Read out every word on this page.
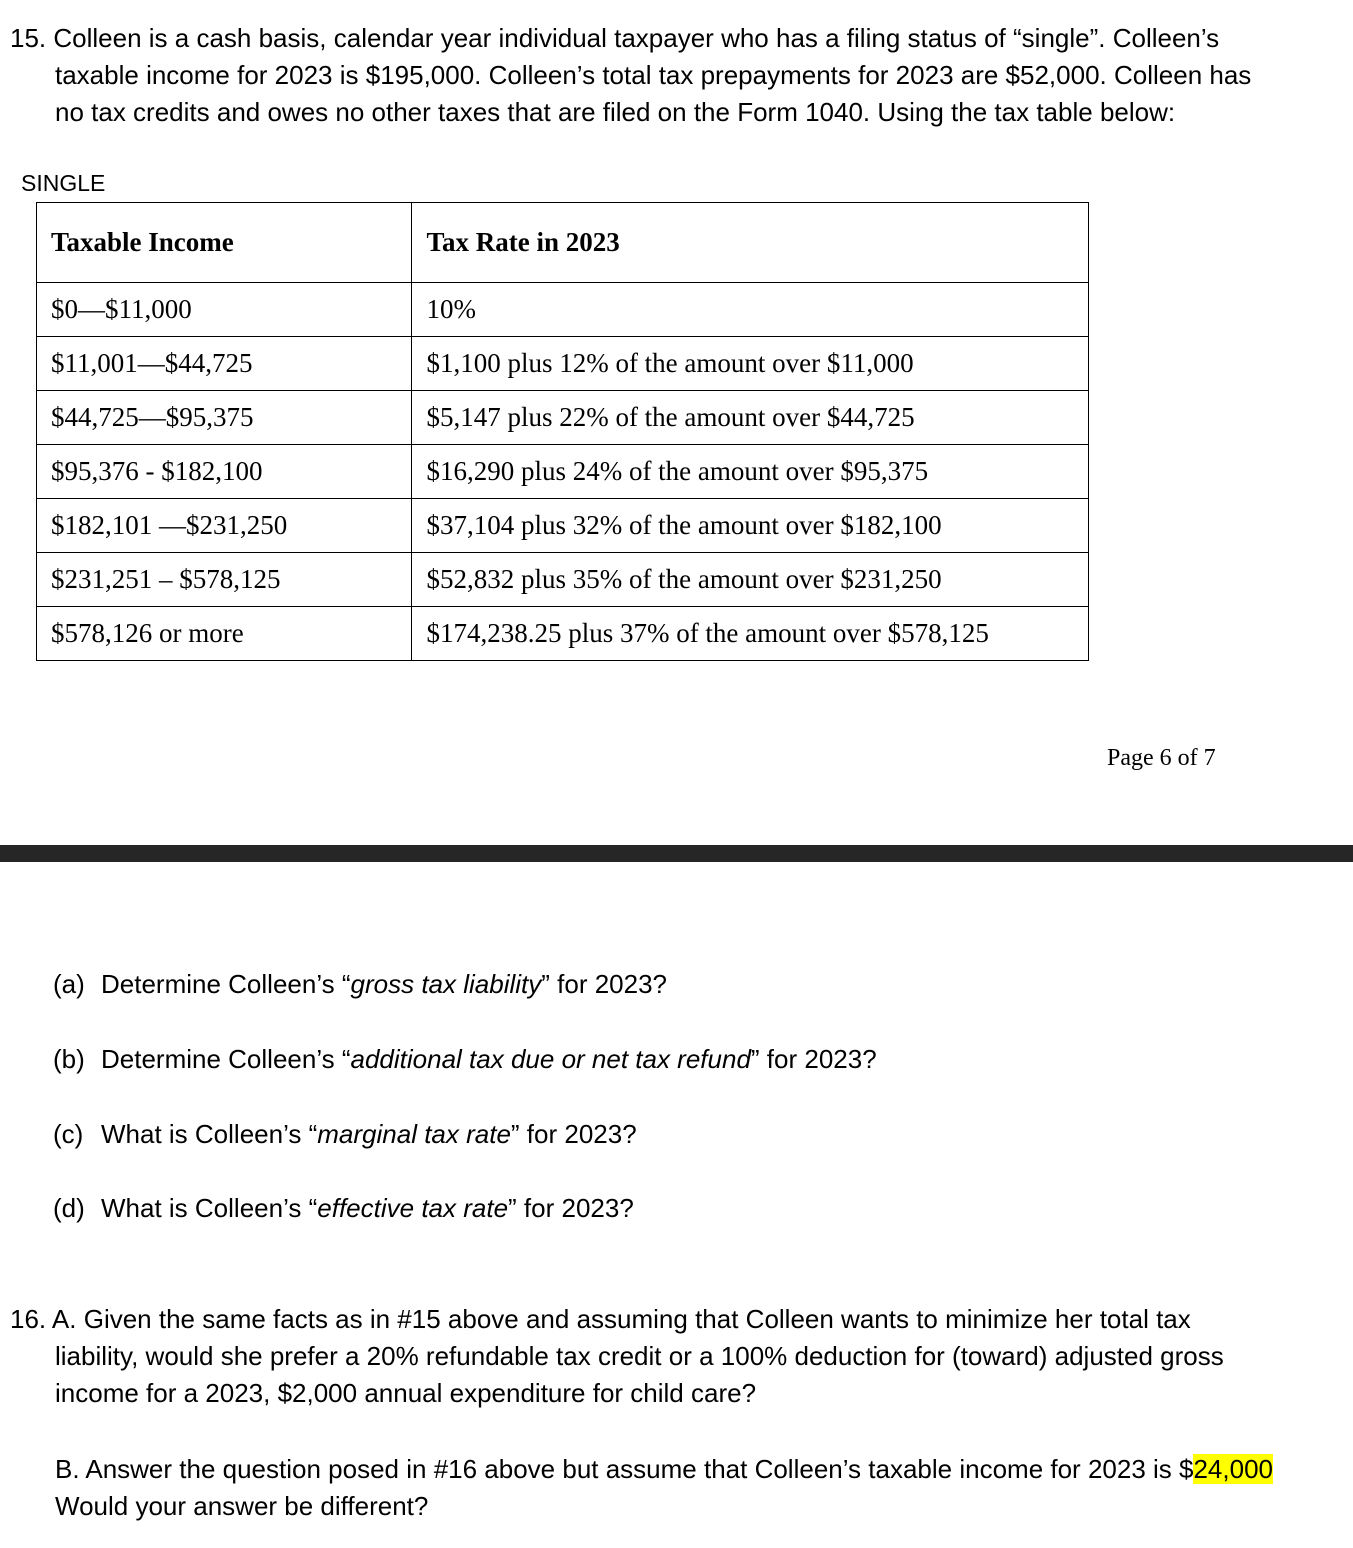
15. Colleen is a cash basis, calendar year individual taxpayer who has a filing status of “single”. Colleen’s
taxable income for 2023 is $195,000. Colleen’s total tax prepayments for 2023 are $52,000. Colleen has
no tax credits and owes no other taxes that are filed on the Form 1040. Using the tax table below:
SINGLE
Taxable Income	Tax Rate in 2023
$0—$11,000	10%
$11,001—$44,725	$1,100 plus 12% of the amount over $11,000
$44,725—$95,375	$5,147 plus 22% of the amount over $44,725
$95,376 - $182,100	$16,290 plus 24% of the amount over $95,375
$182,101 —$231,250	$37,104 plus 32% of the amount over $182,100
$231,251 – $578,125	$52,832 plus 35% of the amount over $231,250
$578,126 or more	$174,238.25 plus 37% of the amount over $578,125
Page 6 of 7
(a) Determine Colleen’s “gross tax liability” for 2023?
(b) Determine Colleen’s “additional tax due or net tax refund” for 2023?
(c) What is Colleen’s “marginal tax rate” for 2023?
(d) What is Colleen’s “effective tax rate” for 2023?
16. A. Given the same facts as in #15 above and assuming that Colleen wants to minimize her total tax
liability, would she prefer a 20% refundable tax credit or a 100% deduction for (toward) adjusted gross
income for a 2023, $2,000 annual expenditure for child care?
B. Answer the question posed in #16 above but assume that Colleen’s taxable income for 2023 is $24,000
Would your answer be different?
